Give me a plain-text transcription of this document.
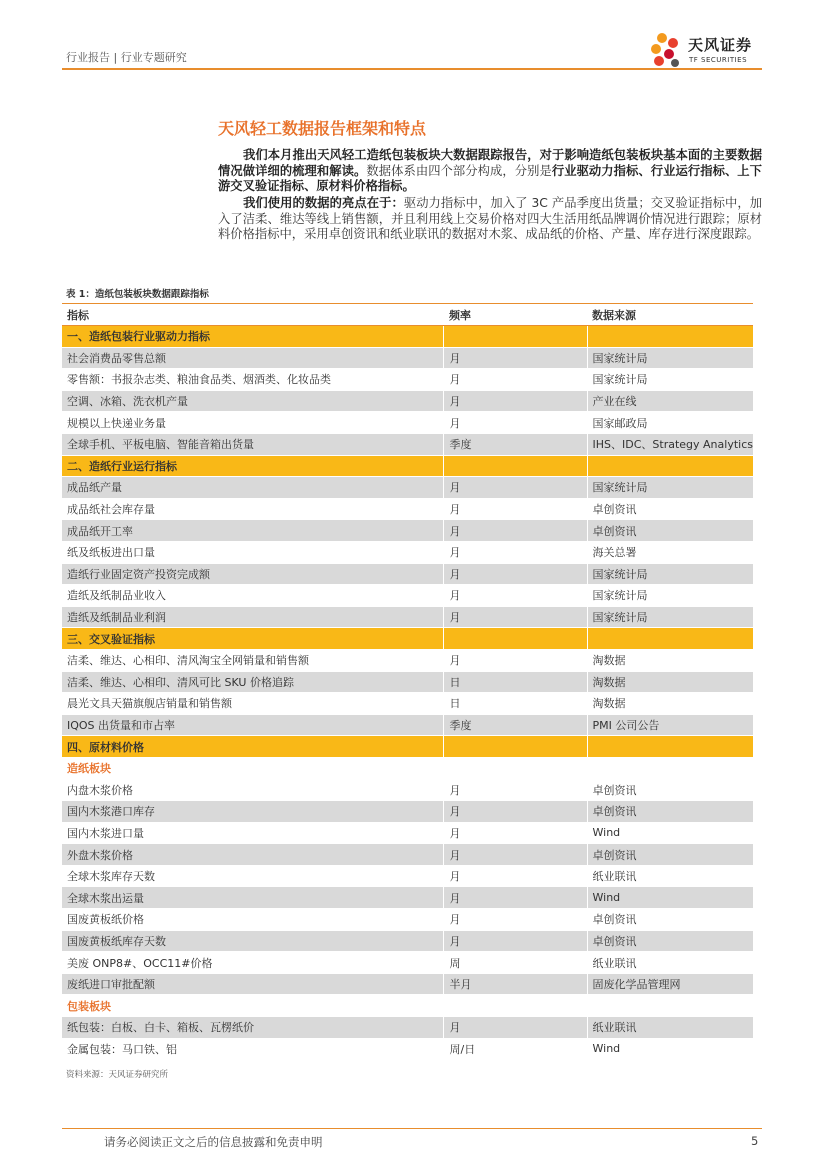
行业报告 | 行业专题研究
天风证券
TF SECURITIES
天风轻工数据报告框架和特点
我们本月推出天风轻工造纸包装板块大数据跟踪报告，对于影响造纸包装板块基本面的主要数据情况做详细的梳理和解读。数据体系由四个部分构成，分别是行业驱动力指标、行业运行指标、上下游交叉验证指标、原材料价格指标。
我们使用的数据的亮点在于：驱动力指标中，加入了 3C 产品季度出货量；交叉验证指标中，加入了洁柔、维达等线上销售额，并且利用线上交易价格对四大生活用纸品牌调价情况进行跟踪；原材料价格指标中，采用卓创资讯和纸业联讯的数据对木浆、成品纸的价格、产量、库存进行深度跟踪。
表 1：造纸包装板块数据跟踪指标
指标	频率	数据来源
一、造纸包装行业驱动力指标		
社会消费品零售总额	月	国家统计局
零售额：书报杂志类、粮油食品类、烟酒类、化妆品类	月	国家统计局
空调、冰箱、洗衣机产量	月	产业在线
规模以上快递业务量	月	国家邮政局
全球手机、平板电脑、智能音箱出货量	季度	IHS、IDC、Strategy Analytics
二、造纸行业运行指标		
成品纸产量	月	国家统计局
成品纸社会库存量	月	卓创资讯
成品纸开工率	月	卓创资讯
纸及纸板进出口量	月	海关总署
造纸行业固定资产投资完成额	月	国家统计局
造纸及纸制品业收入	月	国家统计局
造纸及纸制品业利润	月	国家统计局
三、交叉验证指标		
洁柔、维达、心相印、清风淘宝全网销量和销售额	月	淘数据
洁柔、维达、心相印、清风可比 SKU 价格追踪	日	淘数据
晨光文具天猫旗舰店销量和销售额	日	淘数据
IQOS 出货量和市占率	季度	PMI 公司公告
四、原材料价格		
造纸板块		
内盘木浆价格	月	卓创资讯
国内木浆港口库存	月	卓创资讯
国内木浆进口量	月	Wind
外盘木浆价格	月	卓创资讯
全球木浆库存天数	月	纸业联讯
全球木浆出运量	月	Wind
国废黄板纸价格	月	卓创资讯
国废黄板纸库存天数	月	卓创资讯
美废 ONP8#、OCC11#价格	周	纸业联讯
废纸进口审批配额	半月	固废化学品管理网
包装板块		
纸包装：白板、白卡、箱板、瓦楞纸价	月	纸业联讯
金属包装：马口铁、铝	周/日	Wind
资料来源：天风证券研究所
请务必阅读正文之后的信息披露和免责申明	5
